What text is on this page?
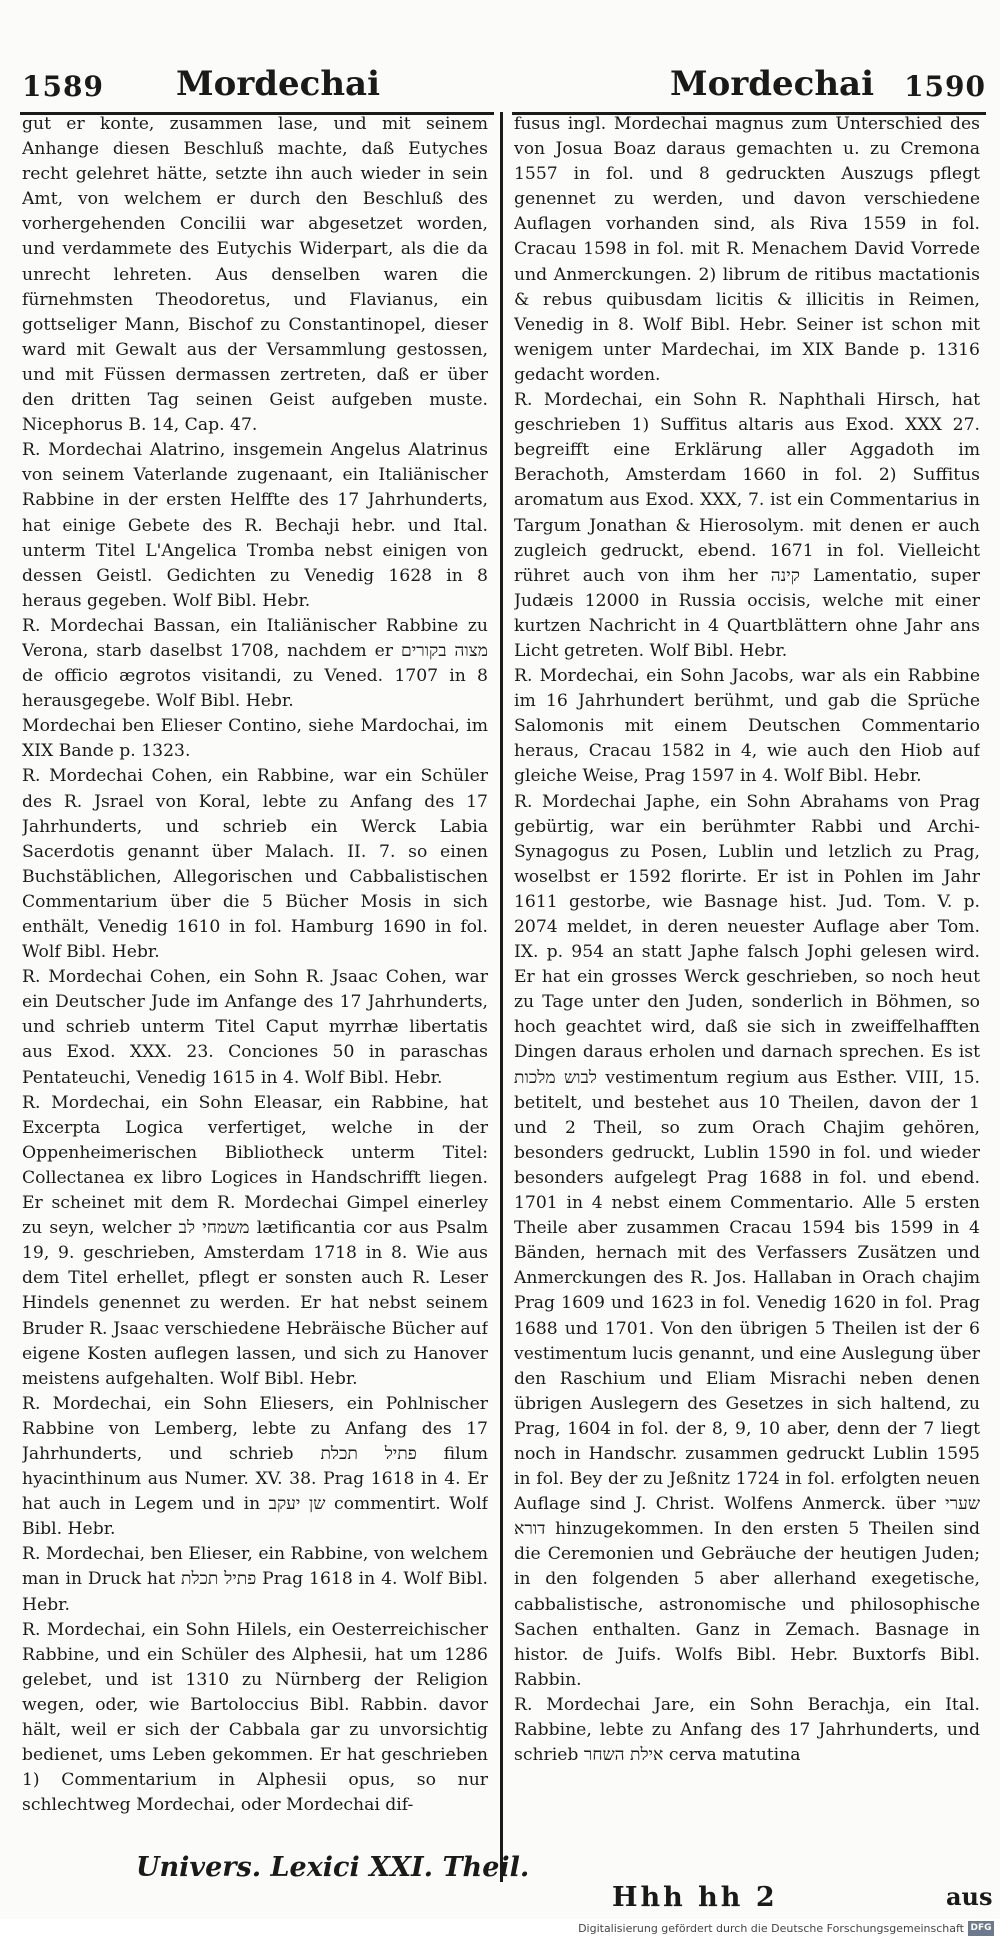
1589 Mordechai	Mordechai 1590

gut er konte, zusammen lase, und mit seinem Anhange diesen Beschluß machte, daß Eutyches recht gelehret hätte, setzte ihn auch wieder in sein Amt, von welchem er durch den Beschluß des vorhergehenden Concilii war abgesetzet worden, und verdammete des Eutychis Widerpart, als die da unrecht lehreten. Aus denselben waren die fürnehmsten Theodoretus, und Flavianus, ein gottseliger Mann, Bischof zu Constantinopel, dieser ward mit Gewalt aus der Versammlung gestossen, und mit Füssen dermassen zertreten, daß er über den dritten Tag seinen Geist aufgeben muste. Nicephorus B. 14, Cap. 47.

R. Mordechai Alatrino, insgemein Angelus Alatrinus von seinem Vaterlande zugenaant, ein Italiänischer Rabbine in der ersten Helffte des 17 Jahrhunderts, hat einige Gebete des R. Bechaji hebr. und Ital. unterm Titel L'Angelica Tromba nebst einigen von dessen Geistl. Gedichten zu Venedig 1628 in 8 heraus gegeben. Wolf Bibl. Hebr.

R. Mordechai Bassan, ein Italiänischer Rabbine zu Verona, starb daselbst 1708, nachdem er מצוה בקורים de officio ægrotos visitandi, zu Vened. 1707 in 8 herausgegebe. Wolf Bibl. Hebr.

Mordechai ben Elieser Contino, siehe Mardochai, im XIX Bande p. 1323.

R. Mordechai Cohen, ein Rabbine, war ein Schüler des R. Jsrael von Koral, lebte zu Anfang des 17 Jahrhunderts, und schrieb ein Werck Labia Sacerdotis genannt über Malach. II. 7. so einen Buchstäblichen, Allegorischen und Cabbalistischen Commentarium über die 5 Bücher Mosis in sich enthält, Venedig 1610 in fol. Hamburg 1690 in fol. Wolf Bibl. Hebr.

R. Mordechai Cohen, ein Sohn R. Jsaac Cohen, war ein Deutscher Jude im Anfange des 17 Jahrhunderts, und schrieb unterm Titel Caput myrrhæ libertatis aus Exod. XXX. 23. Conciones 50 in paraschas Pentateuchi, Venedig 1615 in 4. Wolf Bibl. Hebr.

R. Mordechai, ein Sohn Eleasar, ein Rabbine, hat Excerpta Logica verfertiget, welche in der Oppenheimerischen Bibliotheck unterm Titel: Collectanea ex libro Logices in Handschrifft liegen. Er scheinet mit dem R. Mordechai Gimpel einerley zu seyn, welcher משמחי לב lætificantia cor aus Psalm 19, 9. geschrieben, Amsterdam 1718 in 8. Wie aus dem Titel erhellet, pflegt er sonsten auch R. Leser Hindels genennet zu werden. Er hat nebst seinem Bruder R. Jsaac verschiedene Hebräische Bücher auf eigene Kosten auflegen lassen, und sich zu Hanover meistens aufgehalten. Wolf Bibl. Hebr.

R. Mordechai, ein Sohn Eliesers, ein Pohlnischer Rabbine von Lemberg, lebte zu Anfang des 17 Jahrhunderts, und schrieb פתיל תכלת filum hyacinthinum aus Numer. XV. 38. Prag 1618 in 4. Er hat auch in Legem und in שן יעקב commentirt. Wolf Bibl. Hebr.

R. Mordechai, ben Elieser, ein Rabbine, von welchem man in Druck hat פתיל תכלת Prag 1618 in 4. Wolf Bibl. Hebr.

R. Mordechai, ein Sohn Hilels, ein Oesterreichischer Rabbine, und ein Schüler des Alphesii, hat um 1286 gelebet, und ist 1310 zu Nürnberg der Religion wegen, oder, wie Bartoloccius Bibl. Rabbin. davor hält, weil er sich der Cabbala gar zu unvorsichtig bedienet, ums Leben gekommen. Er hat geschrieben 1) Commentarium in Alphesii opus, so nur schlechtweg Mordechai, oder Mordechai dif-

fusus ingl. Mordechai magnus zum Unterschied des von Josua Boaz daraus gemachten u. zu Cremona 1557 in fol. und 8 gedruckten Auszugs pflegt genennet zu werden, und davon verschiedene Auflagen vorhanden sind, als Riva 1559 in fol. Cracau 1598 in fol. mit R. Menachem David Vorrede und Anmerckungen. 2) librum de ritibus mactationis & rebus quibusdam licitis & illicitis in Reimen, Venedig in 8. Wolf Bibl. Hebr. Seiner ist schon mit wenigem unter Mardechai, im XIX Bande p. 1316 gedacht worden.

R. Mordechai, ein Sohn R. Naphthali Hirsch, hat geschrieben 1) Suffitus altaris aus Exod. XXX 27. begreifft eine Erklärung aller Aggadoth im Berachoth, Amsterdam 1660 in fol. 2) Suffitus aromatum aus Exod. XXX, 7. ist ein Commentarius in Targum Jonathan & Hierosolym. mit denen er auch zugleich gedruckt, ebend. 1671 in fol. Vielleicht rühret auch von ihm her קינה Lamentatio, super Judæis 12000 in Russia occisis, welche mit einer kurtzen Nachricht in 4 Quartblättern ohne Jahr ans Licht getreten. Wolf Bibl. Hebr.

R. Mordechai, ein Sohn Jacobs, war als ein Rabbine im 16 Jahrhundert berühmt, und gab die Sprüche Salomonis mit einem Deutschen Commentario heraus, Cracau 1582 in 4, wie auch den Hiob auf gleiche Weise, Prag 1597 in 4. Wolf Bibl. Hebr.

R. Mordechai Japhe, ein Sohn Abrahams von Prag gebürtig, war ein berühmter Rabbi und Archi-Synagogus zu Posen, Lublin und letzlich zu Prag, woselbst er 1592 florirte. Er ist in Pohlen im Jahr 1611 gestorbe, wie Basnage hist. Jud. Tom. V. p. 2074 meldet, in deren neuester Auflage aber Tom. IX. p. 954 an statt Japhe falsch Jophi gelesen wird. Er hat ein grosses Werck geschrieben, so noch heut zu Tage unter den Juden, sonderlich in Böhmen, so hoch geachtet wird, daß sie sich in zweiffelhafften Dingen daraus erholen und darnach sprechen. Es ist לבוש מלכות vestimentum regium aus Esther. VIII, 15. betitelt, und bestehet aus 10 Theilen, davon der 1 und 2 Theil, so zum Orach Chajim gehören, besonders gedruckt, Lublin 1590 in fol. und wieder besonders aufgelegt Prag 1688 in fol. und ebend. 1701 in 4 nebst einem Commentario. Alle 5 ersten Theile aber zusammen Cracau 1594 bis 1599 in 4 Bänden, hernach mit des Verfassers Zusätzen und Anmerckungen des R. Jos. Hallaban in Orach chajim Prag 1609 und 1623 in fol. Venedig 1620 in fol. Prag 1688 und 1701. Von den übrigen 5 Theilen ist der 6 vestimentum lucis genannt, und eine Auslegung über den Raschium und Eliam Misrachi neben denen übrigen Auslegern des Gesetzes in sich haltend, zu Prag, 1604 in fol. der 8, 9, 10 aber, denn der 7 liegt noch in Handschr. zusammen gedruckt Lublin 1595 in fol. Bey der zu Jeßnitz 1724 in fol. erfolgten neuen Auflage sind J. Christ. Wolfens Anmerck. über שערי דורא hinzugekommen. In den ersten 5 Theilen sind die Ceremonien und Gebräuche der heutigen Juden; in den folgenden 5 aber allerhand exegetische, cabbalistische, astronomische und philosophische Sachen enthalten. Ganz in Zemach. Basnage in histor. de Juifs. Wolfs Bibl. Hebr. Buxtorfs Bibl. Rabbin.

R. Mordechai Jare, ein Sohn Berachja, ein Ital. Rabbine, lebte zu Anfang des 17 Jahrhunderts, und schrieb אילת השחר cerva matutina

Univers. Lexici XXI. Theil.
Hhh hh 2	aus
Digitalisierung gefördert durch die Deutsche Forschungsgemeinschaft DFG
